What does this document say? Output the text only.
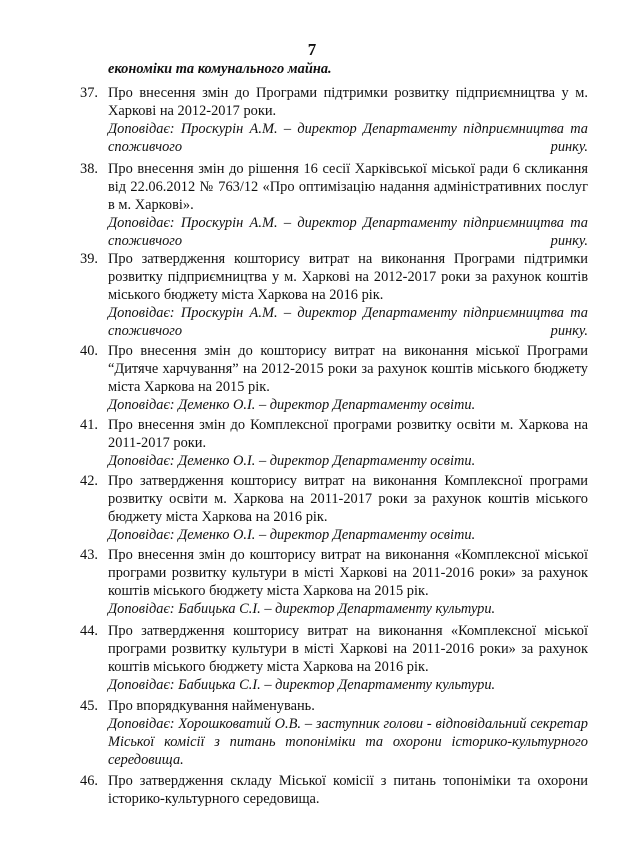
7
економіки та комунального майна.
37. Про внесення змін до Програми підтримки розвитку підприємництва у м. Харкові на 2012-2017 роки.
Доповідає: Проскурін А.М. – директор Департаменту підприємництва та споживчого ринку.
38. Про внесення змін до рішення 16 сесії Харківської міської ради 6 скликання від 22.06.2012 № 763/12 «Про оптимізацію надання адміністративних послуг в м. Харкові».
Доповідає: Проскурін А.М. – директор Департаменту підприємництва та споживчого ринку.
39. Про затвердження кошторису витрат на виконання Програми підтримки розвитку підприємництва у м. Харкові на 2012-2017 роки за рахунок коштів міського бюджету міста Харкова на 2016 рік.
Доповідає: Проскурін А.М. – директор Департаменту підприємництва та споживчого ринку.
40. Про внесення змін до кошторису витрат на виконання міської Програми “Дитяче харчування” на 2012-2015 роки за рахунок коштів міського бюджету міста Харкова на 2015 рік.
Доповідає: Деменко О.І. – директор Департаменту освіти.
41. Про внесення змін до Комплексної програми розвитку освіти м. Харкова на 2011-2017 роки.
Доповідає: Деменко О.І. – директор Департаменту освіти.
42. Про затвердження кошторису витрат на виконання Комплексної програми розвитку освіти м. Харкова на 2011-2017 роки за рахунок коштів міського бюджету міста Харкова на 2016 рік.
Доповідає: Деменко О.І. – директор Департаменту освіти.
43. Про внесення змін до кошторису витрат на виконання «Комплексної міської програми розвитку культури в місті Харкові на 2011-2016 роки» за рахунок коштів міського бюджету міста Харкова на 2015 рік.
Доповідає: Бабицька С.І. – директор Департаменту культури.
44. Про затвердження кошторису витрат на виконання «Комплексної міської програми розвитку культури в місті Харкові на 2011-2016 роки» за рахунок коштів міського бюджету міста Харкова на 2016 рік.
Доповідає: Бабицька С.І. – директор Департаменту культури.
45. Про впорядкування найменувань.
Доповідає: Хорошковатий О.В. – заступник голови - відповідальний секретар Міської комісії з питань топоніміки та охорони історико-культурного середовища.
46. Про затвердження складу Міської комісії з питань топоніміки та охорони історико-культурного середовища.
